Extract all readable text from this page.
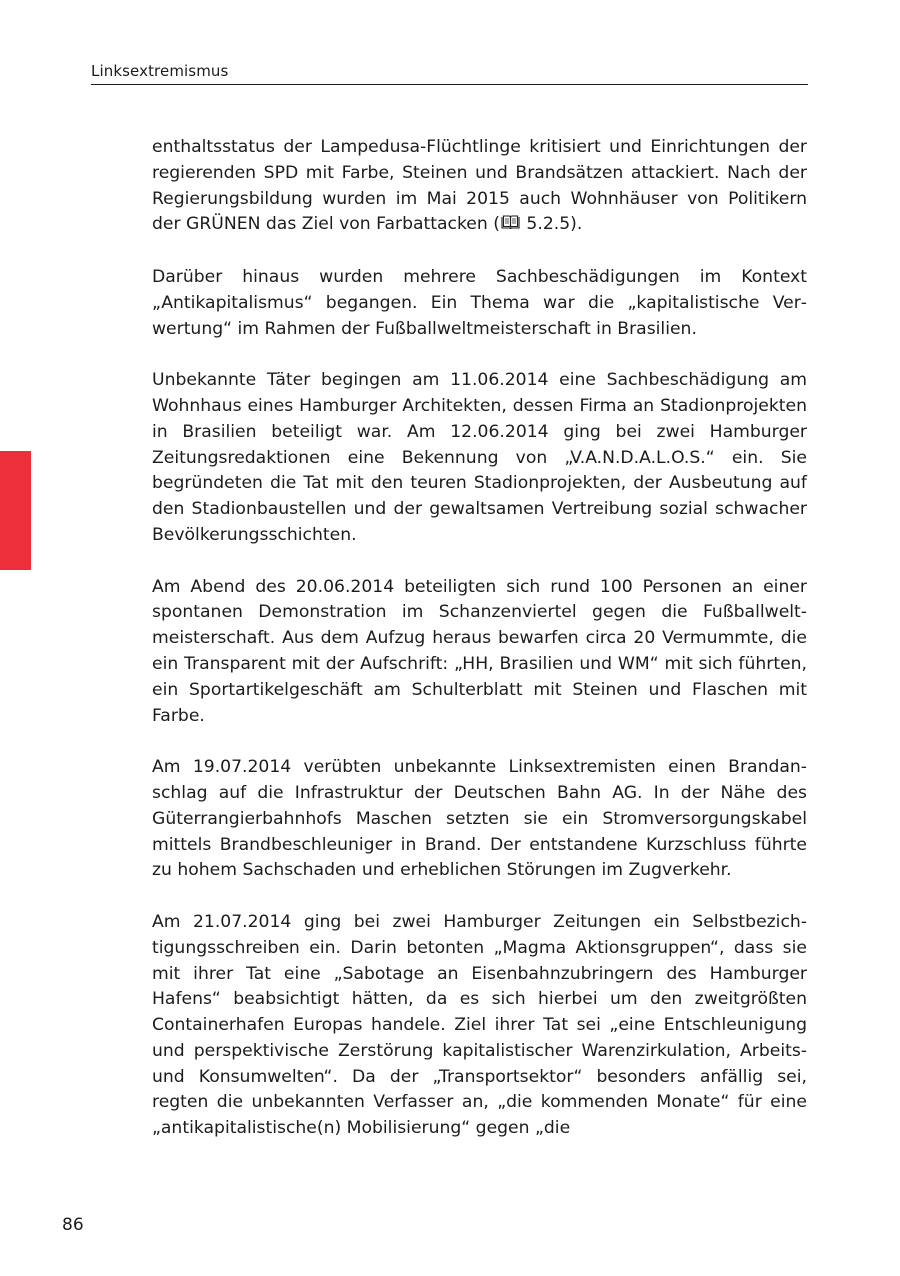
Linksextremismus

enthaltsstatus der Lampedusa-Flüchtlinge kritisiert und Einrichtungen der regierenden SPD mit Farbe, Steinen und Brandsätzen attackiert. Nach der Regierungsbildung wurden im Mai 2015 auch Wohnhäuser von Politikern der GRÜNEN das Ziel von Farbattacken ( 5.2.5).

Darüber hinaus wurden mehrere Sachbeschädigungen im Kontext „Antikapitalismus“ begangen. Ein Thema war die „kapitalistische Verwertung“ im Rahmen der Fußballweltmeisterschaft in Brasilien.

Unbekannte Täter begingen am 11.06.2014 eine Sachbeschädigung am Wohnhaus eines Hamburger Architekten, dessen Firma an Stadionprojekten in Brasilien beteiligt war. Am 12.06.2014 ging bei zwei Hamburger Zeitungsredaktionen eine Bekennung von „V.A.N.D.A.L.O.S.“ ein. Sie begründeten die Tat mit den teuren Stadionprojekten, der Ausbeutung auf den Stadionbaustellen und der gewaltsamen Vertreibung sozial schwacher Bevölkerungsschichten.

Am Abend des 20.06.2014 beteiligten sich rund 100 Personen an einer spontanen Demonstration im Schanzenviertel gegen die Fußballweltmeisterschaft. Aus dem Aufzug heraus bewarfen circa 20 Vermummte, die ein Transparent mit der Aufschrift: „HH, Brasilien und WM“ mit sich führten, ein Sportartikelgeschäft am Schulterblatt mit Steinen und Flaschen mit Farbe.

Am 19.07.2014 verübten unbekannte Linksextremisten einen Brandanschlag auf die Infrastruktur der Deutschen Bahn AG. In der Nähe des Güterrangierbahnhofs Maschen setzten sie ein Stromversorgungskabel mittels Brandbeschleuniger in Brand. Der entstandene Kurzschluss führte zu hohem Sachschaden und erheblichen Störungen im Zugverkehr.

Am 21.07.2014 ging bei zwei Hamburger Zeitungen ein Selbstbezichtigungsschreiben ein. Darin betonten „Magma Aktionsgruppen“, dass sie mit ihrer Tat eine „Sabotage an Eisenbahnzubringern des Hamburger Hafens“ beabsichtigt hätten, da es sich hierbei um den zweitgrößten Containerhafen Europas handele. Ziel ihrer Tat sei „eine Entschleunigung und perspektivische Zerstörung kapitalistischer Warenzirkulation, Arbeits- und Konsumwelten“. Da der „Transportsektor“ besonders anfällig sei, regten die unbekannten Verfasser an, „die kommenden Monate“ für eine „antikapitalistische(n) Mobilisierung“ gegen „die

86
